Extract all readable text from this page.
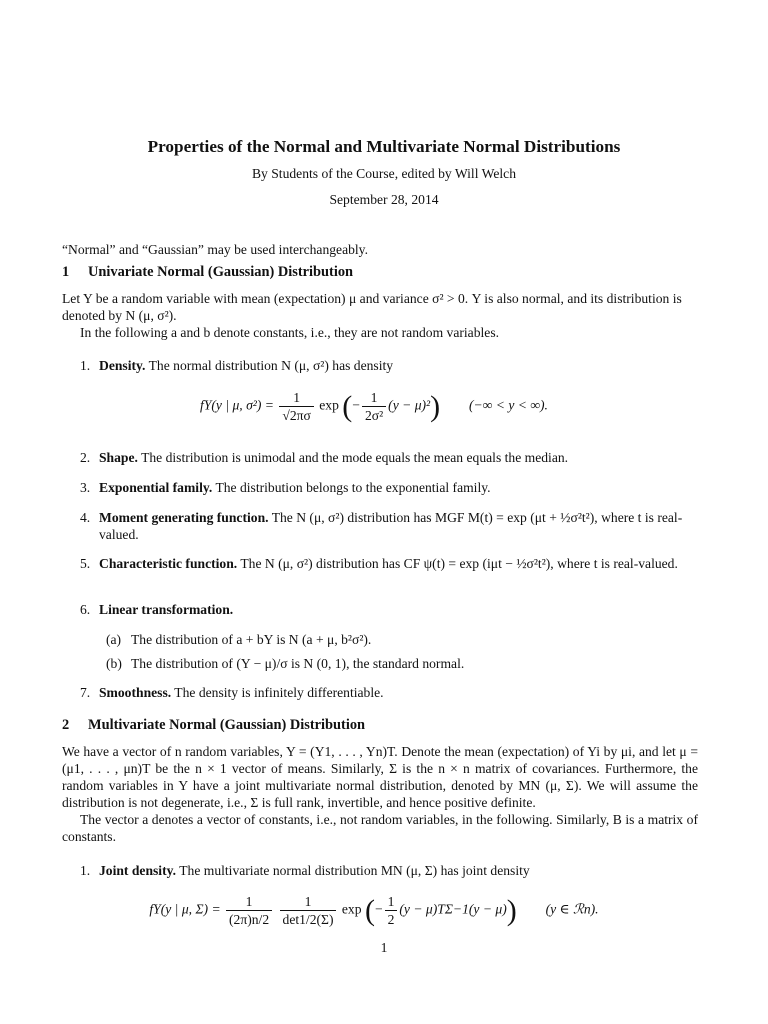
Properties of the Normal and Multivariate Normal Distributions
By Students of the Course, edited by Will Welch
September 28, 2014
“Normal” and “Gaussian” may be used interchangeably.
1 Univariate Normal (Gaussian) Distribution
Let Y be a random variable with mean (expectation) μ and variance σ² > 0. Y is also normal, and its distribution is denoted by N (μ, σ²).
In the following a and b denote constants, i.e., they are not random variables.
1. Density. The normal distribution N (μ, σ²) has density
fY(y | μ, $\sigma^2) = \frac{1}{√2\pi\sigma}$ exp (− $\frac{1}{\text{2σ²}} (y - \mu)^2$) (−∞ < y < ∞).
2. Shape. The distribution is unimodal and the mode equals the mean equals the median.
3. Exponential family. The distribution belongs to the exponential family.
4. Moment generating function. The N (μ, σ²) distribution has MGF M(t) = exp (μt + ½σ²t²), where t is real-valued.
5. Characteristic function. The N (μ, σ²) distribution has CF ψ(t) = exp (iμt − ½σ²t²), where t is real-valued.
6. Linear transformation.
(a) The distribution of a + bY is N (a + μ, b²σ²).
(b) The distribution of (Y − μ)/σ is N (0, 1), the standard normal.
7. Smoothness. The density is infinitely differentiable.
2 Multivariate Normal (Gaussian) Distribution
We have a vector of n random variables, Y = (Y1, . . . , Yn)T. Denote the mean (expectation) of Yi by μi, and let μ = (μ1, . . . , μn)T be the n × 1 vector of means. Similarly, Σ is the n × n matrix of covariances. Furthermore, the random variables in Y have a joint multivariate normal distribution, denoted by MN (μ, Σ). We will assume the distribution is not degenerate, i.e., Σ is full rank, invertible, and hence positive definite.
The vector a denotes a vector of constants, i.e., not random variables, in the following. Similarly, B is a matrix of constants.
1. Joint density. The multivariate normal distribution MN (μ, Σ) has joint density
fY(y | μ, $\Sigma) = \frac{1}{(2\pi)n/2}$
$\frac{1}{\det 1/2(\Sigma)}$ exp (− $\frac{1}{2} (y - \mu)T\Sigma-1(y - \mu)$) (y ∈ ℛn).
1
